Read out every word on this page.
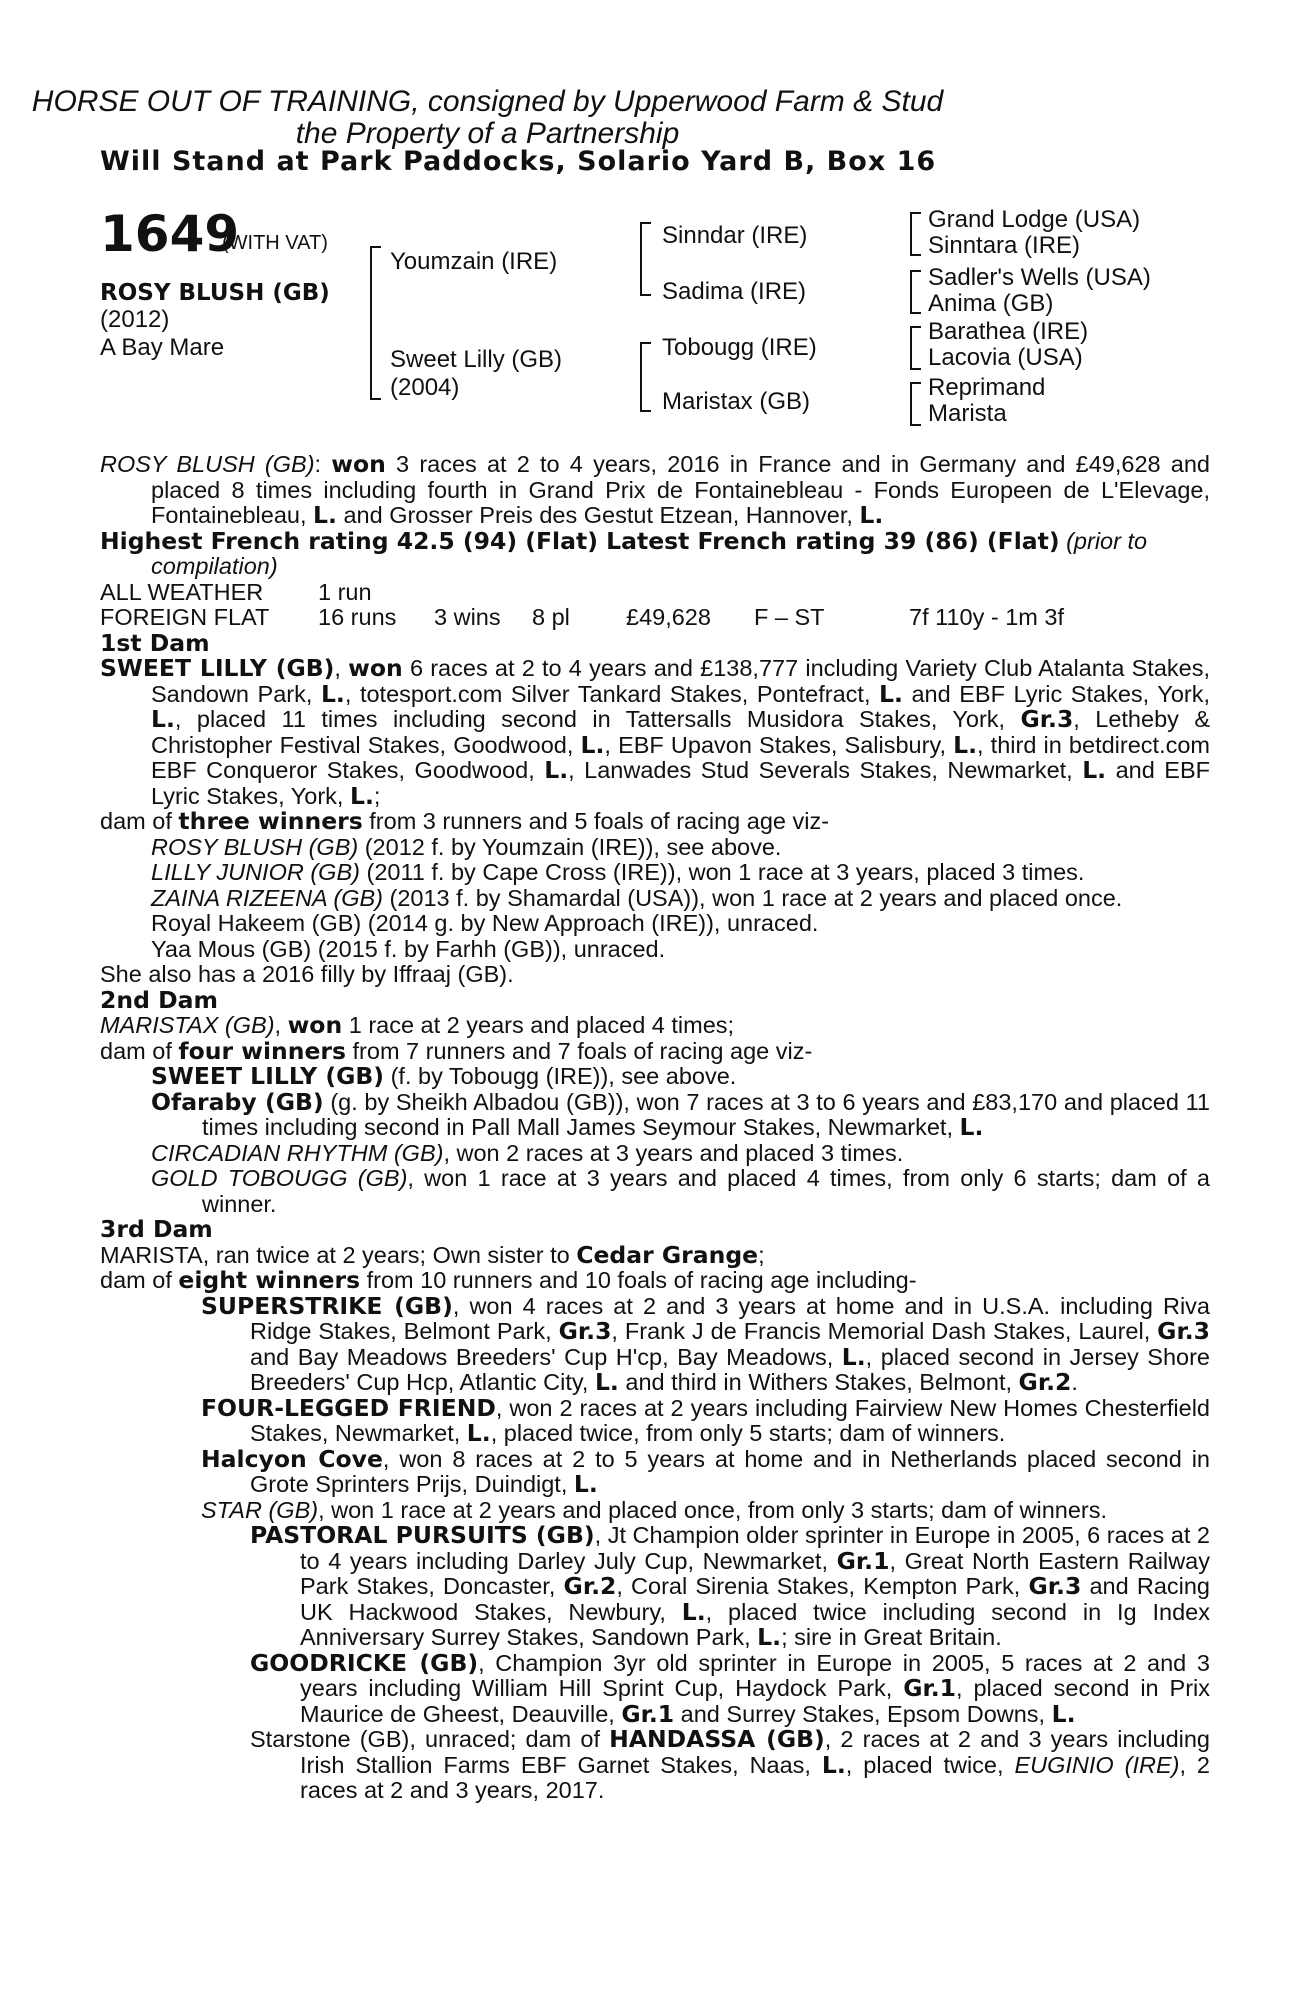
HORSE OUT OF TRAINING, consigned by Upperwood Farm & Stud
the Property of a Partnership
Will Stand at Park Paddocks, Solario Yard B, Box 16
1649
(WITH VAT)
ROSY BLUSH (GB)
(2012)
A Bay Mare
Youmzain (IRE)
Sweet Lilly (GB)
(2004)
Sinndar (IRE)
Sadima (IRE)
Tobougg (IRE)
Maristax (GB)
Grand Lodge (USA)
Sinntara (IRE)
Sadler's Wells (USA)
Anima (GB)
Barathea (IRE)
Lacovia (USA)
Reprimand
Marista

ROSY BLUSH (GB): won 3 races at 2 to 4 years, 2016 in France and in Germany and £49,628 and placed 8 times including fourth in Grand Prix de Fontainebleau - Fonds Europeen de L'Elevage, Fontainebleau, L. and Grosser Preis des Gestut Etzean, Hannover, L.

Highest French rating 42.5 (94) (Flat) Latest French rating 39 (86) (Flat) (prior to compilation)

ALL WEATHER	1 run
FOREIGN FLAT	16 runs	3 wins	8 pl	£49,628	F – ST	7f 110y - 1m 3f

1st Dam

SWEET LILLY (GB), won 6 races at 2 to 4 years and £138,777 including Variety Club Atalanta Stakes, Sandown Park, L., totesport.com Silver Tankard Stakes, Pontefract, L. and EBF Lyric Stakes, York, L., placed 11 times including second in Tattersalls Musidora Stakes, York, Gr.3, Letheby & Christopher Festival Stakes, Goodwood, L., EBF Upavon Stakes, Salisbury, L., third in betdirect.com EBF Conqueror Stakes, Goodwood, L., Lanwades Stud Severals Stakes, Newmarket, L. and EBF Lyric Stakes, York, L.;

dam of three winners from 3 runners and 5 foals of racing age viz-

ROSY BLUSH (GB) (2012 f. by Youmzain (IRE)), see above.

LILLY JUNIOR (GB) (2011 f. by Cape Cross (IRE)), won 1 race at 3 years, placed 3 times.

ZAINA RIZEENA (GB) (2013 f. by Shamardal (USA)), won 1 race at 2 years and placed once.

Royal Hakeem (GB) (2014 g. by New Approach (IRE)), unraced.

Yaa Mous (GB) (2015 f. by Farhh (GB)), unraced.

She also has a 2016 filly by Iffraaj (GB).

2nd Dam

MARISTAX (GB), won 1 race at 2 years and placed 4 times;

dam of four winners from 7 runners and 7 foals of racing age viz-

SWEET LILLY (GB) (f. by Tobougg (IRE)), see above.

Ofaraby (GB) (g. by Sheikh Albadou (GB)), won 7 races at 3 to 6 years and £83,170 and placed 11 times including second in Pall Mall James Seymour Stakes, Newmarket, L.

CIRCADIAN RHYTHM (GB), won 2 races at 3 years and placed 3 times.

GOLD TOBOUGG (GB), won 1 race at 3 years and placed 4 times, from only 6 starts; dam of a winner.

3rd Dam

MARISTA, ran twice at 2 years; Own sister to Cedar Grange;

dam of eight winners from 10 runners and 10 foals of racing age including-

SUPERSTRIKE (GB), won 4 races at 2 and 3 years at home and in U.S.A. including Riva Ridge Stakes, Belmont Park, Gr.3, Frank J de Francis Memorial Dash Stakes, Laurel, Gr.3 and Bay Meadows Breeders' Cup H'cp, Bay Meadows, L., placed second in Jersey Shore Breeders' Cup Hcp, Atlantic City, L. and third in Withers Stakes, Belmont, Gr.2.

FOUR-LEGGED FRIEND, won 2 races at 2 years including Fairview New Homes Chesterfield Stakes, Newmarket, L., placed twice, from only 5 starts; dam of winners.

Halcyon Cove, won 8 races at 2 to 5 years at home and in Netherlands placed second in Grote Sprinters Prijs, Duindigt, L.

STAR (GB), won 1 race at 2 years and placed once, from only 3 starts; dam of winners.

PASTORAL PURSUITS (GB), Jt Champion older sprinter in Europe in 2005, 6 races at 2 to 4 years including Darley July Cup, Newmarket, Gr.1, Great North Eastern Railway Park Stakes, Doncaster, Gr.2, Coral Sirenia Stakes, Kempton Park, Gr.3 and Racing UK Hackwood Stakes, Newbury, L., placed twice including second in Ig Index Anniversary Surrey Stakes, Sandown Park, L.; sire in Great Britain.

GOODRICKE (GB), Champion 3yr old sprinter in Europe in 2005, 5 races at 2 and 3 years including William Hill Sprint Cup, Haydock Park, Gr.1, placed second in Prix Maurice de Gheest, Deauville, Gr.1 and Surrey Stakes, Epsom Downs, L.

Starstone (GB), unraced; dam of HANDASSA (GB), 2 races at 2 and 3 years including Irish Stallion Farms EBF Garnet Stakes, Naas, L., placed twice, EUGINIO (IRE), 2 races at 2 and 3 years, 2017.
